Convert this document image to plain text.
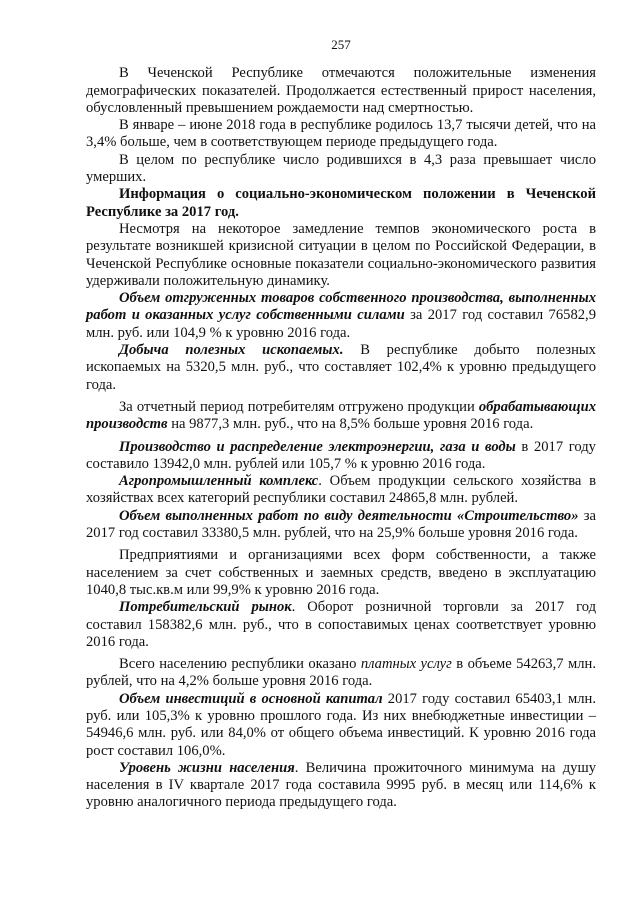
257

В Чеченской Республике отмечаются положительные изменения демографических показателей. Продолжается естественный прирост населения, обусловленный превышением рождаемости над смертностью.

В январе – июне 2018 года в республике родилось 13,7 тысячи детей, что на 3,4% больше, чем в соответствующем периоде предыдущего года.

В целом по республике число родившихся в 4,3 раза превышает число умерших.

Информация о социально-экономическом положении в Чеченской Республике за 2017 год.

Несмотря на некоторое замедление темпов экономического роста в результате возникшей кризисной ситуации в целом по Российской Федерации, в Чеченской Республике основные показатели социально-экономического развития удерживали положительную динамику.

Объем отгруженных товаров собственного производства, выполненных работ и оказанных услуг собственными силами за 2017 год составил 76582,9 млн. руб. или 104,9 % к уровню 2016 года.

Добыча полезных ископаемых. В республике добыто полезных ископаемых на 5320,5 млн. руб., что составляет 102,4% к уровню предыдущего года.

За отчетный период потребителям отгружено продукции обрабатывающих производств на 9877,3 млн. руб., что на 8,5% больше уровня 2016 года.

Производство и распределение электроэнергии, газа и воды в 2017 году составило 13942,0 млн. рублей или 105,7 % к уровню 2016 года.

Агропромышленный комплекс. Объем продукции сельского хозяйства в хозяйствах всех категорий республики составил 24865,8 млн. рублей.

Объем выполненных работ по виду деятельности «Строительство» за 2017 год составил 33380,5 млн. рублей, что на 25,9% больше уровня 2016 года.

Предприятиями и организациями всех форм собственности, а также населением за счет собственных и заемных средств, введено в эксплуатацию 1040,8 тыс.кв.м или 99,9% к уровню 2016 года.

Потребительский рынок. Оборот розничной торговли за 2017 год составил 158382,6 млн. руб., что в сопоставимых ценах соответствует уровню 2016 года.

Всего населению республики оказано платных услуг в объеме 54263,7 млн. рублей, что на 4,2% больше уровня 2016 года.

Объем инвестиций в основной капитал 2017 году составил 65403,1 млн. руб. или 105,3% к уровню прошлого года. Из них внебюджетные инвестиции – 54946,6 млн. руб. или 84,0% от общего объема инвестиций. К уровню 2016 года рост составил 106,0%.

Уровень жизни населения. Величина прожиточного минимума на душу населения в IV квартале 2017 года составила 9995 руб. в месяц или 114,6% к уровню аналогичного периода предыдущего года.
